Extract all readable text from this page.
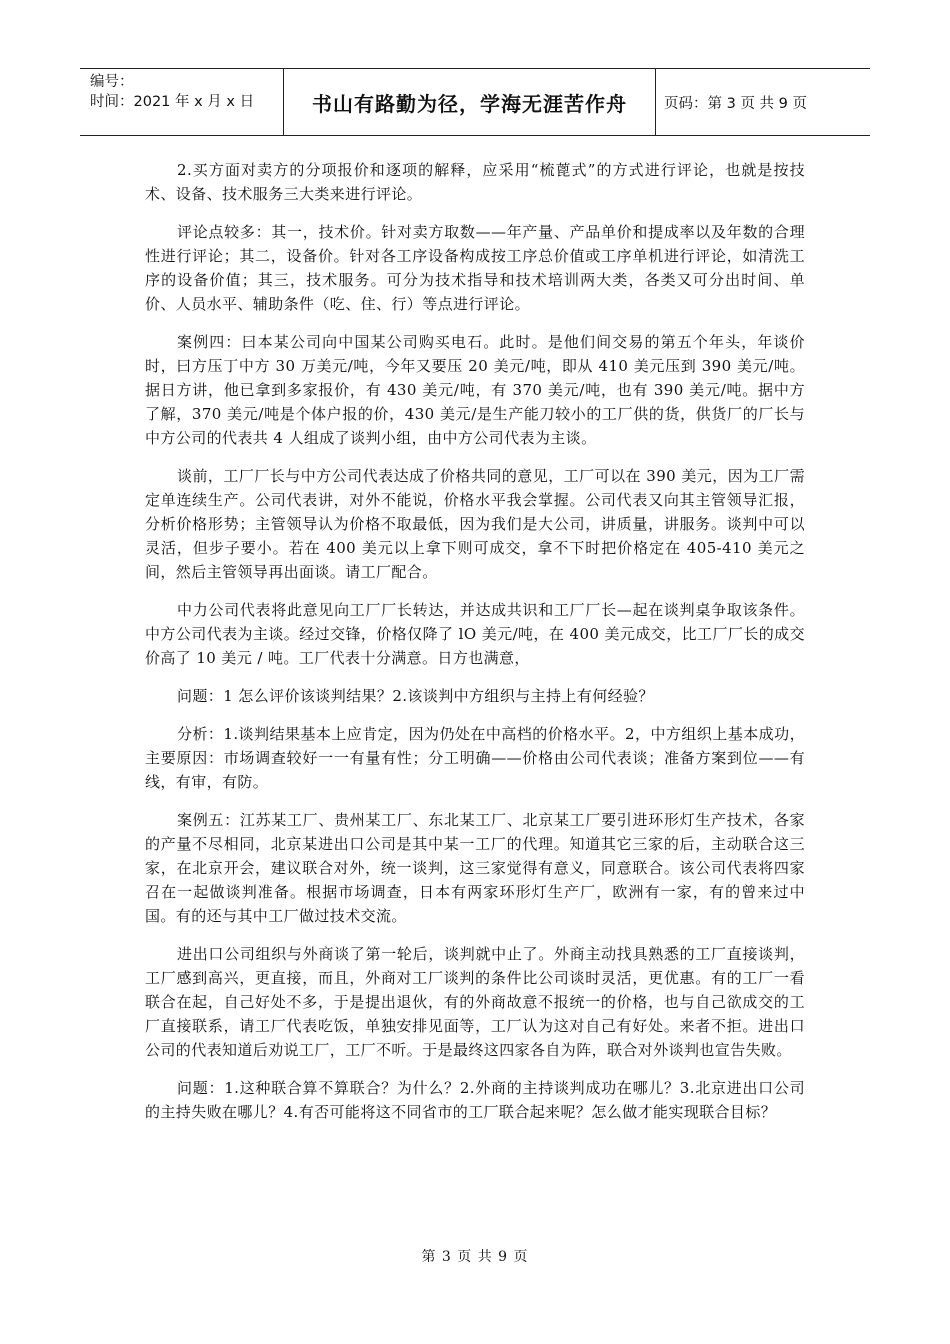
编号：
时间：2021 年 x 月 x 日	书山有路勤为径，学海无涯苦作舟	页码：第 3 页 共 9 页

2.买方面对卖方的分项报价和逐项的解释，应采用“梳蓖式”的方式进行评论，也就是按技术、设备、技术服务三大类来进行评论。

评论点较多：其一，技术价。针对卖方取数——年产量、产品单价和提成率以及年数的合理性进行评论；其二，设备价。针对各工序设备构成按工序总价值或工序单机进行评论，如清洗工序的设备价值；其三，技术服务。可分为技术指导和技术培训两大类，各类又可分出时间、单价、人员水平、辅助条件（吃、住、行）等点进行评论。

案例四：曰本某公司向中国某公司购买电石。此时。是他们间交易的第五个年头，年谈价时，曰方压丁中方 30 万美元/吨，今年又要压 20 美元/吨，即从 410 美元压到 390 美元/吨。据日方讲，他已拿到多家报价，有 430 美元/吨，有 370 美元/吨，也有 390 美元/吨。据中方了解，370 美元/吨是个体户报的价，430 美元/是生产能刀较小的工厂供的货，供货厂的厂长与中方公司的代表共 4 人组成了谈判小组，由中方公司代表为主谈。

谈前，工厂厂长与中方公司代表达成了价格共同的意见，工厂可以在 390 美元，因为工厂需定单连续生产。公司代表讲，对外不能说，价格水平我会掌握。公司代表又向其主管领导汇报，分析价格形势；主管领导认为价格不取最低，因为我们是大公司，讲质量，讲服务。谈判中可以灵活，但步子要小。若在 400 美元以上拿下则可成交，拿不下时把价格定在 405-410 美元之间，然后主管领导再出面谈。请工厂配合。

中力公司代表将此意见向工厂厂长转达，并达成共识和工厂厂长—起在谈判桌争取该条件。中方公司代表为主谈。经过交锋，价格仅降了 lO 美元/吨，在 400 美元成交，比工厂厂长的成交价高了 10 美元 / 吨。工厂代表十分满意。日方也满意，

问题：1 怎么评价该谈判结果？2.该谈判中方组织与主持上有何经验？

分析：1.谈判结果基本上应肯定，因为仍处在中高档的价格水平。2，中方组织上基本成功，主要原因：巿场调查较好一一有量有性；分工明确——价格由公司代表谈；准备方案到位——有线，有审，有防。

案例五：江苏某工厂、贵州某工厂、东北某工厂、北京某工厂要引进环形灯生产技术，各家的产量不尽相同，北京某进出口公司是其中某一工厂的代理。知道其它三家的后，主动联合这三家，在北京开会，建议联合对外，统一谈判，这三家觉得有意义，同意联合。该公司代表将四家召在一起做谈判准备。根据市场调查，日本有两家环形灯生产厂，欧洲有一家，有的曾来过中国。有的还与其中工厂做过技术交流。

进出口公司组织与外商谈了第一轮后，谈判就中止了。外商主动找具熟悉的工厂直接谈判，工厂感到高兴，更直接，而且，外商对工厂谈判的条件比公司谈时灵活，更优惠。有的工厂一看联合在起，自己好处不多，于是提出退伙，有的外商故意不报统一的价格，也与自己欲成交的工厂直接联系，请工厂代表吃饭，单独安排见面等，工厂认为这对自己有好处。来者不拒。进出口公司的代表知道后劝说工厂，工厂不听。于是最终这四家各自为阵，联合对外谈判也宣告失败。

问题：1.这种联合算不算联合？为什么？2.外商的主持谈判成功在哪儿？3.北京进出口公司的主持失败在哪儿？4.有否可能将这不同省市的工厂联合起来呢？怎么做才能实现联合目标？

第 3 页 共 9 页
